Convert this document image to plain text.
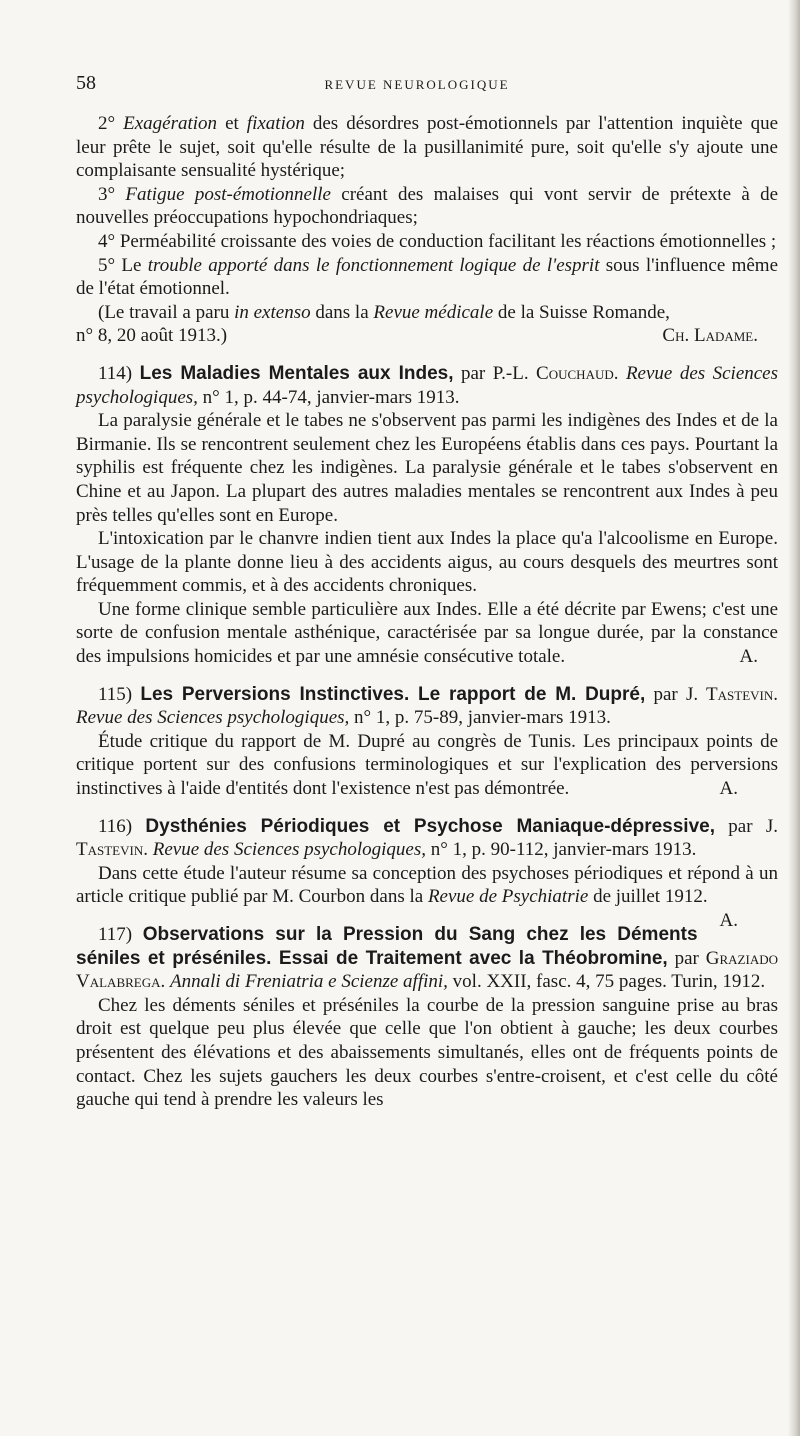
58	REVUE NEUROLOGIQUE

2° Exagération et fixation des désordres post-émotionnels par l'attention inquiète que leur prête le sujet, soit qu'elle résulte de la pusillanimité pure, soit qu'elle s'y ajoute une complaisante sensualité hystérique;

3° Fatigue post-émotionnelle créant des malaises qui vont servir de prétexte à de nouvelles préoccupations hypochondriaques;

4° Perméabilité croissante des voies de conduction facilitant les réactions émotionnelles ;

5° Le trouble apporté dans le fonctionnement logique de l'esprit sous l'influence même de l'état émotionnel.

(Le travail a paru in extenso dans la Revue médicale de la Suisse Romande,

n° 8, 20 août 1913.)	Ch. Ladame.

114) Les Maladies Mentales aux Indes, par P.-L. Couchaud. Revue des Sciences psychologiques, n° 1, p. 44-74, janvier-mars 1913.

La paralysie générale et le tabes ne s'observent pas parmi les indigènes des Indes et de la Birmanie. Ils se rencontrent seulement chez les Européens établis dans ces pays. Pourtant la syphilis est fréquente chez les indigènes. La paralysie générale et le tabes s'observent en Chine et au Japon. La plupart des autres maladies mentales se rencontrent aux Indes à peu près telles qu'elles sont en Europe.

L'intoxication par le chanvre indien tient aux Indes la place qu'a l'alcoolisme en Europe. L'usage de la plante donne lieu à des accidents aigus, au cours desquels des meurtres sont fréquemment commis, et à des accidents chroniques.

Une forme clinique semble particulière aux Indes. Elle a été décrite par Ewens; c'est une sorte de confusion mentale asthénique, caractérisée par sa longue durée, par la constance des impulsions homicides et par une amnésie consécutive totale.	A.

115) Les Perversions Instinctives. Le rapport de M. Dupré, par J. Tastevin. Revue des Sciences psychologiques, n° 1, p. 75-89, janvier-mars 1913.

Étude critique du rapport de M. Dupré au congrès de Tunis. Les principaux points de critique portent sur des confusions terminologiques et sur l'explication des perversions instinctives à l'aide d'entités dont l'existence n'est pas démontrée.	A.

116) Dysthénies Périodiques et Psychose Maniaque-dépressive, par J. Tastevin. Revue des Sciences psychologiques, n° 1, p. 90-112, janvier-mars 1913.

Dans cette étude l'auteur résume sa conception des psychoses périodiques et répond à un article critique publié par M. Courbon dans la Revue de Psychiatrie de juillet 1912.
A.

117) Observations sur la Pression du Sang chez les Déments séniles et préséniles. Essai de Traitement avec la Théobromine, par Graziado Valabrega. Annali di Freniatria e Scienze affini, vol. XXII, fasc. 4, 75 pages. Turin, 1912.

Chez les déments séniles et préséniles la courbe de la pression sanguine prise au bras droit est quelque peu plus élevée que celle que l'on obtient à gauche; les deux courbes présentent des élévations et des abaissements simultanés, elles ont de fréquents points de contact. Chez les sujets gauchers les deux courbes s'entre-croisent, et c'est celle du côté gauche qui tend à prendre les valeurs les
